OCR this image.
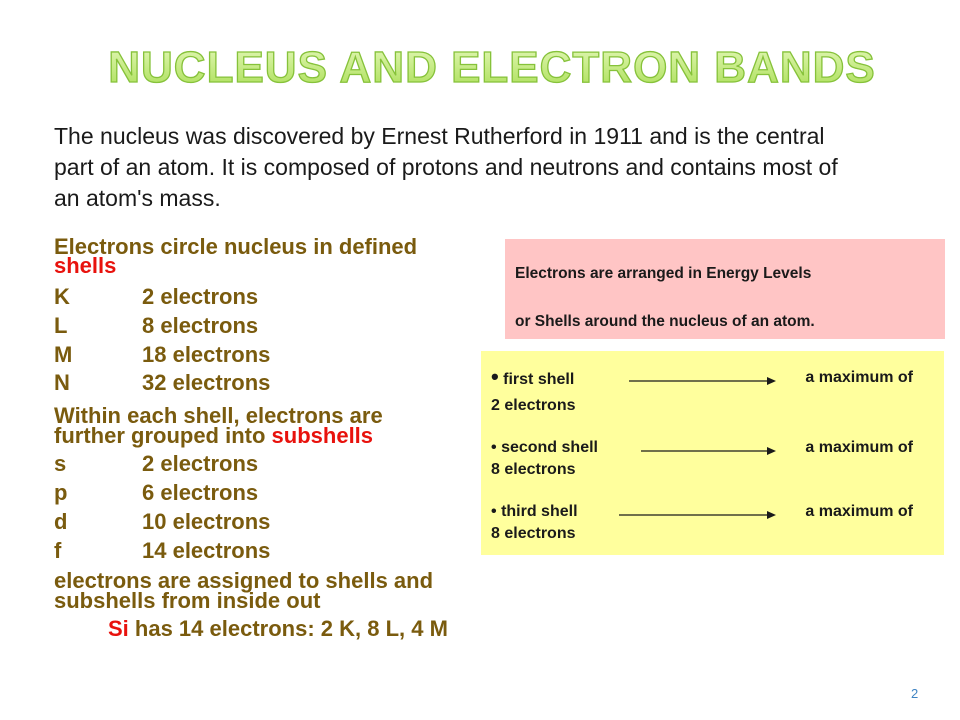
NUCLEUS AND ELECTRON BANDS
The nucleus was discovered by Ernest Rutherford in 1911 and is the central part of an atom. It is composed of protons and neutrons and contains most of an atom's mass.
Electrons circle nucleus in defined
shells
K	2 electrons
L	8 electrons
M	18 electrons
N	32 electrons
Within each shell, electrons are
further grouped into subshells
s	2 electrons
p	6 electrons
d	10 electrons
f	14 electrons
electrons are assigned to shells and
subshells from inside out
Si has 14 electrons: 2 K, 8 L, 4 M
Electrons are arranged in Energy Levels
or Shells around the nucleus of an atom.
• first shell	a maximum of
2 electrons
• second shell	a maximum of
8 electrons
• third shell	a maximum of
8 electrons
2
